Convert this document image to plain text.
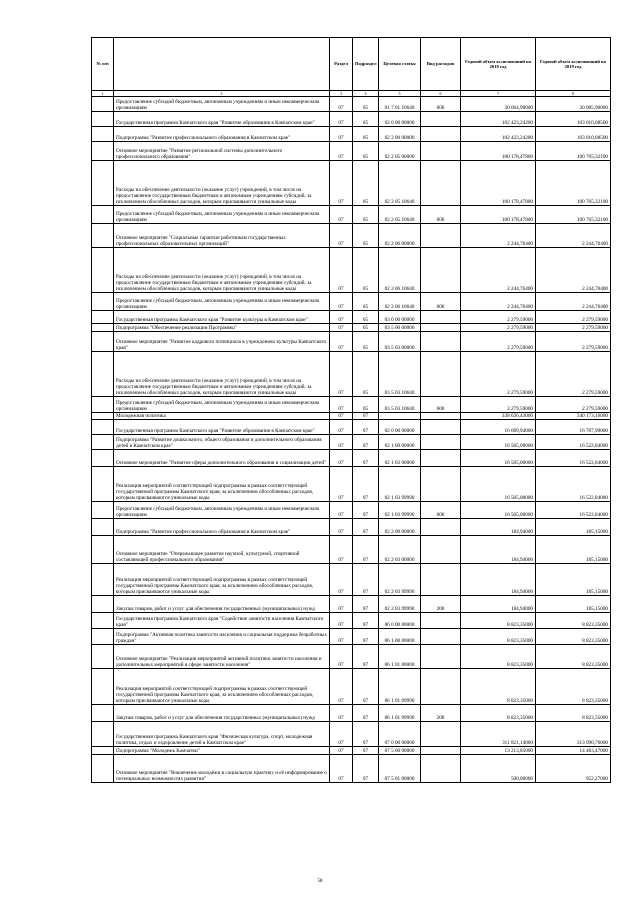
№ п/п		Раздел	Подраздел	Целевая статья	Вид расходов	Годовой объем ассигнований на 2018 год	Годовой объем ассигнований на 2019 год
1	2	3	4	5	6	7	8
	Предоставление субсидий бюджетным, автономным учреждениям и иным некоммерческим организациям	07	05	01 7 01 10640	600	30 064,90000	30 085,90000
	Государственная программа Камчатского края "Развитие образования в Камчатском крае"	07	05	02 0 00 00000		102 423,24200	103 010,08500
	Подпрограмма "Развитие профессионального образования в Камчатском крае"	07	05	02 2 00 00000		102 423,24200	103 010,08500
	Основное мероприятие "Развитие региональной системы дополнительного профессионального образования"	07	05	02 2 05 00000		100 178,47800	100 765,32100
	Расходы на обеспечение деятельности (оказание услуг) учреждений, в том числе на предоставление государственным бюджетным и автономным учреждениям субсидий, за исключением обособленных расходов, которым присваиваются уникальные коды	07	05	02 2 05 10640		100 178,47800	100 765,32100
	Предоставление субсидий бюджетным, автономным учреждениям и иным некоммерческим организациям	07	05	02 2 05 10640	600	100 178,47800	100 765,32100
	Основное мероприятие "Социальные гарантии работникам государственных профессиональных образовательных организаций"	07	05	02 2 06 00000		2 244,76400	2 244,76400
	Расходы на обеспечение деятельности (оказание услуг) учреждений, в том числе на предоставление государственным бюджетным и автономным учреждениям субсидий, за исключением обособленных расходов, которым присваиваются уникальные коды	07	05	02 2 06 10640		2 244,76400	2 244,76400
	Предоставление субсидий бюджетным, автономным учреждениям и иным некоммерческим организациям	07	05	02 2 06 10640	600	2 244,76400	2 244,76400
	Государственная программа Камчатского края "Развитие культуры в Камчатском крае"	07	05	03 0 00 00000		2 279,59000	2 279,59000
	Подпрограмма "Обеспечение реализации Программы"	07	05	03 5 00 00000		2 279,59000	2 279,59000
	Основное мероприятие "Развитие кадрового потенциала в учреждениях культуры Камчатского края"	07	05	03 5 03 00000		2 279,59000	2 279,59000
	Расходы на обеспечение деятельности (оказание услуг) учреждений, в том числе на предоставление государственным бюджетным и автономным учреждениям субсидий, за исключением обособленных расходов, которым присваиваются уникальные коды	07	05	03 5 03 10640		2 279,59000	2 279,59000
	Предоставление субсидий бюджетным, автономным учреждениям и иным некоммерческим организациям	07	05	03 5 03 10640	600	2 279,59000	2 279,59000
	Молодежная политика	07	07			338 636,43000	340 173,16000
	Государственная программа Камчатского края "Развитие образования в Камчатском крае"	07	07	02 0 00 00000		16 689,94000	16 707,99000
	Подпрограмма "Развитие дошкольного, общего образования и дополнительного образования детей в Камчатском крае"	07	07	02 1 00 00000		16 505,00000	16 522,84000
	Основное мероприятие "Развитие сферы дополнительного образования и социализации детей"	07	07	02 1 03 00000		16 505,00000	16 522,84000
	Реализация мероприятий соответствующей подпрограммы в рамках соответствующей государственной программы Камчатского края, за исключением обособленных расходов, которым присваиваются уникальные коды	07	07	02 1 03 99990		16 505,00000	16 522,84000
	Предоставление субсидий бюджетным, автономным учреждениям и иным некоммерческим организациям	07	07	02 1 03 99990	600	16 505,00000	16 522,84000
	Подпрограмма "Развитие профессионального образования в Камчатском крае"	07	07	02 2 00 00000		184,94000	185,15000
	Основное мероприятие "Опережающее развитие научной, культурной, спортивной составляющей профессионального образования"	07	07	02 2 03 00000		184,94000	185,15000
	Реализация мероприятий соответствующей подпрограммы в рамках соответствующей государственной программы Камчатского края, за исключением обособленных расходов, которым присваиваются уникальные коды	07	07	02 2 03 99990		184,94000	185,15000
	Закупка товаров, работ и услуг для обеспечения государственных (муниципальных) нужд	07	07	02 2 03 99990	200	184,94000	185,15000
	Государственная программа Камчатского края "Содействие занятости населения Камчатского края"	07	07	06 0 00 00000		8 823,35000	8 823,35000
	Подпрограмма "Активная политика занятости населения и социальная поддержка безработных граждан"	07	07	06 1 00 00000		8 823,35000	8 823,35000
	Основное мероприятие "Реализация мероприятий активной политики занятости населения и дополнительных мероприятий в сфере занятости населения"	07	07	06 1 01 00000		8 823,35000	8 823,35000
	Реализация мероприятий соответствующей подпрограммы в рамках соответствующей государственной программы Камчатского края, за исключением обособленных расходов, которым присваиваются уникальные коды	07	07	06 1 01 99990		8 823,35000	8 823,35000
	Закупка товаров, работ и услуг для обеспечения государственных (муниципальных) нужд	07	07	06 1 01 99990	200	8 823,35000	8 823,35000
	Государственная программа Камчатского края "Физическая культура, спорт, молодежная политика, отдых и оздоровление детей в Камчатском крае"	07	07	07 0 00 00000		311 821,14000	313 090,76000
	Подпрограмма "Молодежь Камчатки"	07	07	07 5 00 00000		13 213,85000	14 483,47000
	Основное мероприятие "Вовлечение молодёжи в социальную практику и её информирование о потенциальных возможностях развития"	07	07	07 5 01 00000		500,00000	952,27000
58
